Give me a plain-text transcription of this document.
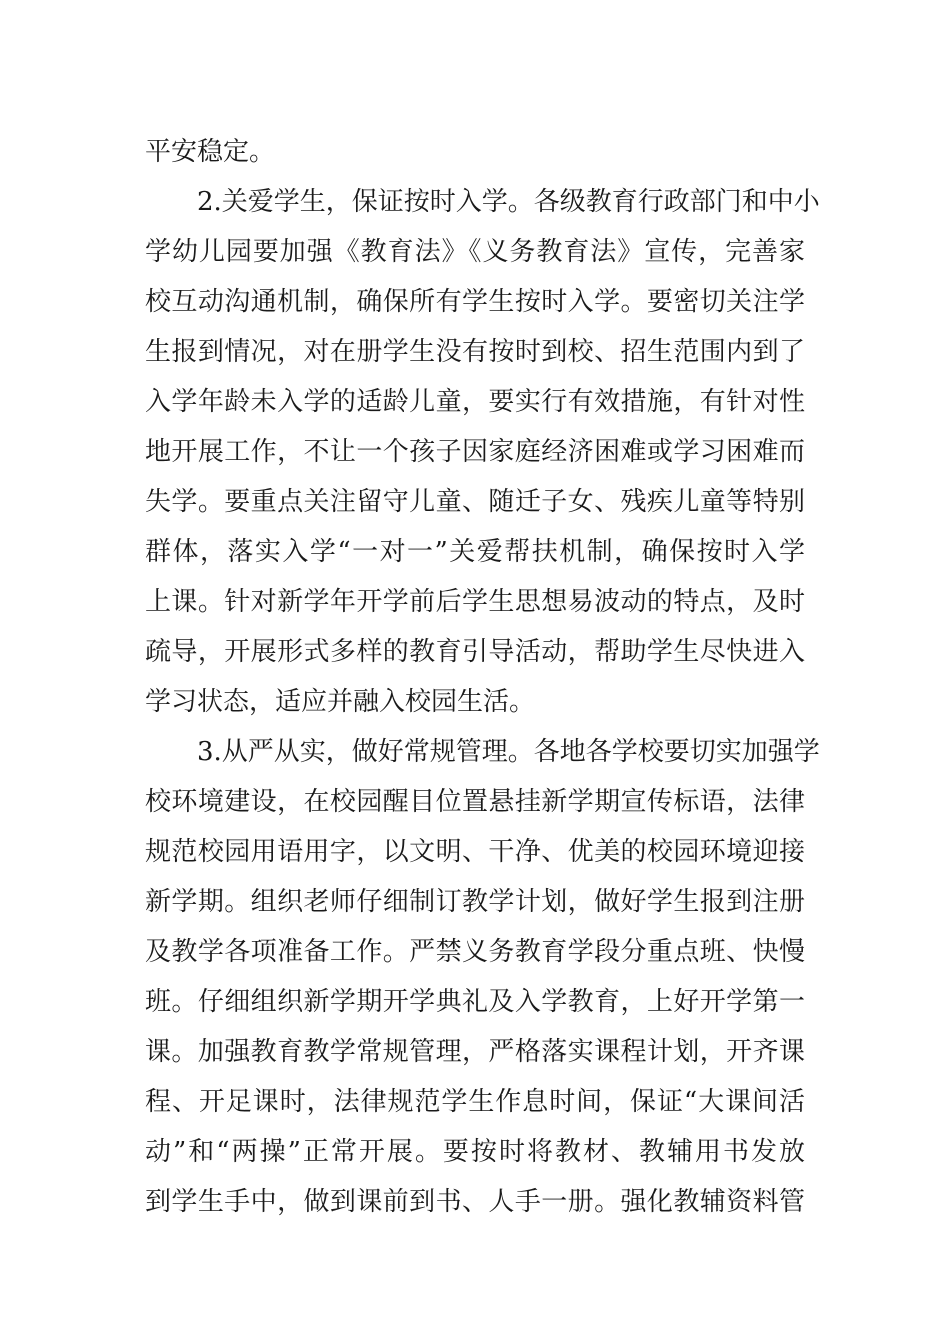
平安稳定。

2.关爱学生，保证按时入学。各级教育行政部门和中小
学幼儿园要加强《教育法》《义务教育法》宣传，完善家
校互动沟通机制，确保所有学生按时入学。要密切关注学
生报到情况，对在册学生没有按时到校、招生范围内到了
入学年龄未入学的适龄儿童，要实行有效措施，有针对性
地开展工作，不让一个孩子因家庭经济困难或学习困难而
失学。要重点关注留守儿童、随迁子女、残疾儿童等特别
群体，落实入学“一对一”关爱帮扶机制，确保按时入学
上课。针对新学年开学前后学生思想易波动的特点，及时
疏导，开展形式多样的教育引导活动，帮助学生尽快进入
学习状态，适应并融入校园生活。

3.从严从实，做好常规管理。各地各学校要切实加强学
校环境建设，在校园醒目位置悬挂新学期宣传标语，法律
规范校园用语用字，以文明、干净、优美的校园环境迎接
新学期。组织老师仔细制订教学计划，做好学生报到注册
及教学各项准备工作。严禁义务教育学段分重点班、快慢
班。仔细组织新学期开学典礼及入学教育，上好开学第一
课。加强教育教学常规管理，严格落实课程计划，开齐课
程、开足课时，法律规范学生作息时间，保证“大课间活
动”和“两操”正常开展。要按时将教材、教辅用书发放
到学生手中，做到课前到书、人手一册。强化教辅资料管
